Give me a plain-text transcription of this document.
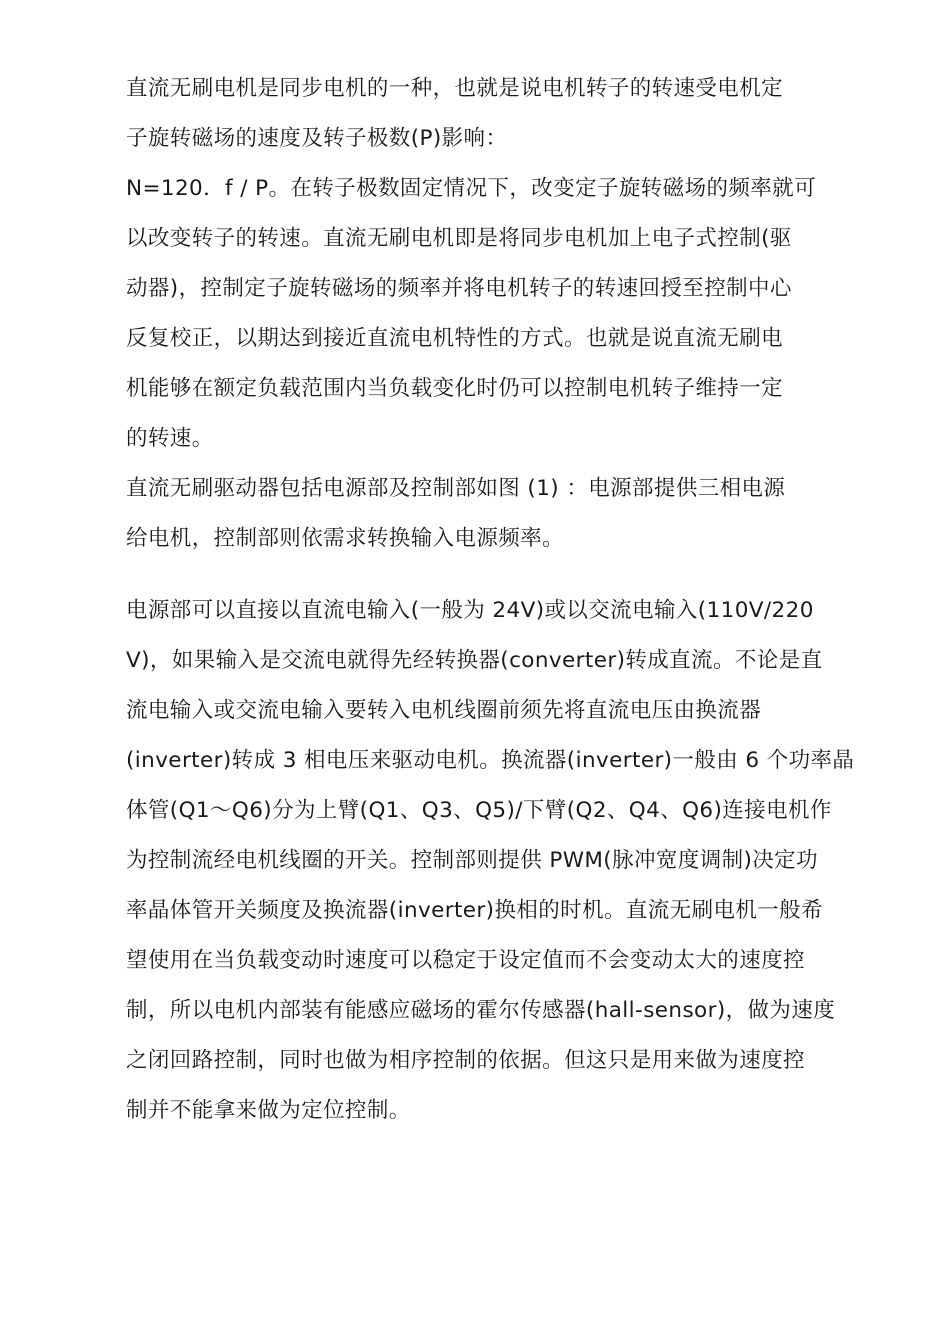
直流无刷电机是同步电机的一种，也就是说电机转子的转速受电机定

子旋转磁场的速度及转子极数(P)影响：

N=120．f / P。在转子极数固定情况下，改变定子旋转磁场的频率就可

以改变转子的转速。直流无刷电机即是将同步电机加上电子式控制(驱

动器)，控制定子旋转磁场的频率并将电机转子的转速回授至控制中心

反复校正，以期达到接近直流电机特性的方式。也就是说直流无刷电

机能够在额定负载范围内当负载变化时仍可以控制电机转子维持一定

的转速。

直流无刷驱动器包括电源部及控制部如图 (1) ：电源部提供三相电源

给电机，控制部则依需求转换输入电源频率。

电源部可以直接以直流电输入(一般为 24V)或以交流电输入(110V/220

V)，如果输入是交流电就得先经转换器(converter)转成直流。不论是直

流电输入或交流电输入要转入电机线圈前须先将直流电压由换流器

(inverter)转成 3 相电压来驱动电机。换流器(inverter)一般由 6 个功率晶

体管(Q1～Q6)分为上臂(Q1、Q3、Q5)/下臂(Q2、Q4、Q6)连接电机作

为控制流经电机线圈的开关。控制部则提供 PWM(脉冲宽度调制)决定功

率晶体管开关频度及换流器(inverter)换相的时机。直流无刷电机一般希

望使用在当负载变动时速度可以稳定于设定值而不会变动太大的速度控

制，所以电机内部装有能感应磁场的霍尔传感器(hall-sensor)，做为速度

之闭回路控制，同时也做为相序控制的依据。但这只是用来做为速度控

制并不能拿来做为定位控制。
